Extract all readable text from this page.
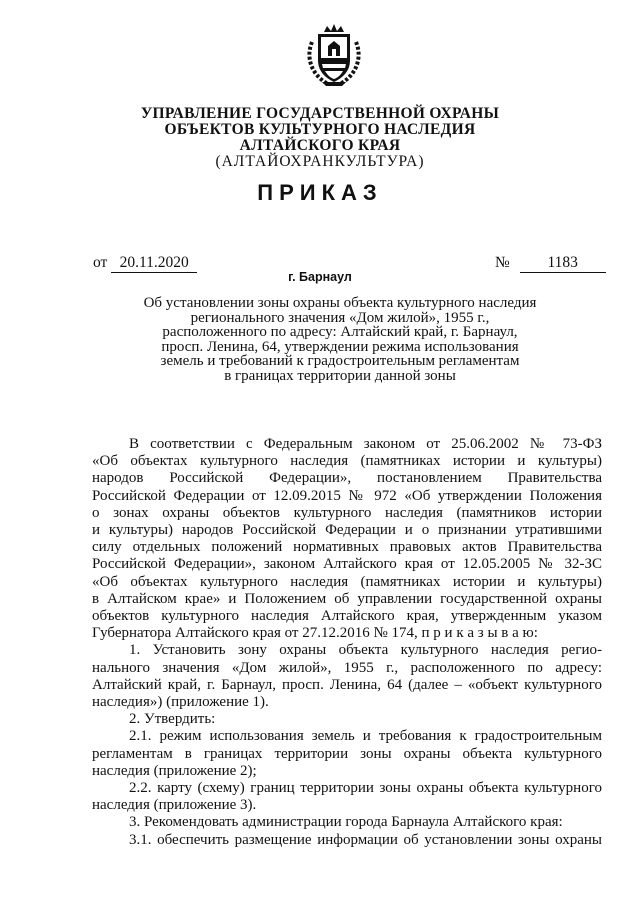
УПРАВЛЕНИЕ ГОСУДАРСТВЕННОЙ ОХРАНЫ
ОБЪЕКТОВ КУЛЬТУРНОГО НАСЛЕДИЯ
АЛТАЙСКОГО КРАЯ
(АЛТАЙОХРАНКУЛЬТУРА)
ПРИКАЗ
от 20.11.2020	№ 1183
г. Барнаул
Об установлении зоны охраны объекта культурного наследия
регионального значения «Дом жилой», 1955 г.,
расположенного по адресу: Алтайский край, г. Барнаул,
просп. Ленина, 64, утверждении режима использования
земель и требований к градостроительным регламентам
в границах территории данной зоны
В соответствии с Федеральным законом от 25.06.2002 № 73-ФЗ
«Об объектах культурного наследия (памятниках истории и культуры)
народов Российской Федерации», постановлением Правительства
Российской Федерации от 12.09.2015 № 972 «Об утверждении Положения
о зонах охраны объектов культурного наследия (памятников истории
и культуры) народов Российской Федерации и о признании утратившими
силу отдельных положений нормативных правовых актов Правительства
Российской Федерации», законом Алтайского края от 12.05.2005 № 32-ЗС
«Об объектах культурного наследия (памятниках истории и культуры)
в Алтайском крае» и Положением об управлении государственной охраны
объектов культурного наследия Алтайского края, утвержденным указом
Губернатора Алтайского края от 27.12.2016 № 174, п р и к а з ы в а ю:
1. Установить зону охраны объекта культурного наследия регио-
нального значения «Дом жилой», 1955 г., расположенного по адресу:
Алтайский край, г. Барнаул, просп. Ленина, 64 (далее – «объект культурного
наследия») (приложение 1).
2. Утвердить:
2.1. режим использования земель и требования к градостроительным
регламентам в границах территории зоны охраны объекта культурного
наследия (приложение 2);
2.2. карту (схему) границ территории зоны охраны объекта культурного
наследия (приложение 3).
3. Рекомендовать администрации города Барнаула Алтайского края:
3.1. обеспечить размещение информации об установлении зоны охраны
